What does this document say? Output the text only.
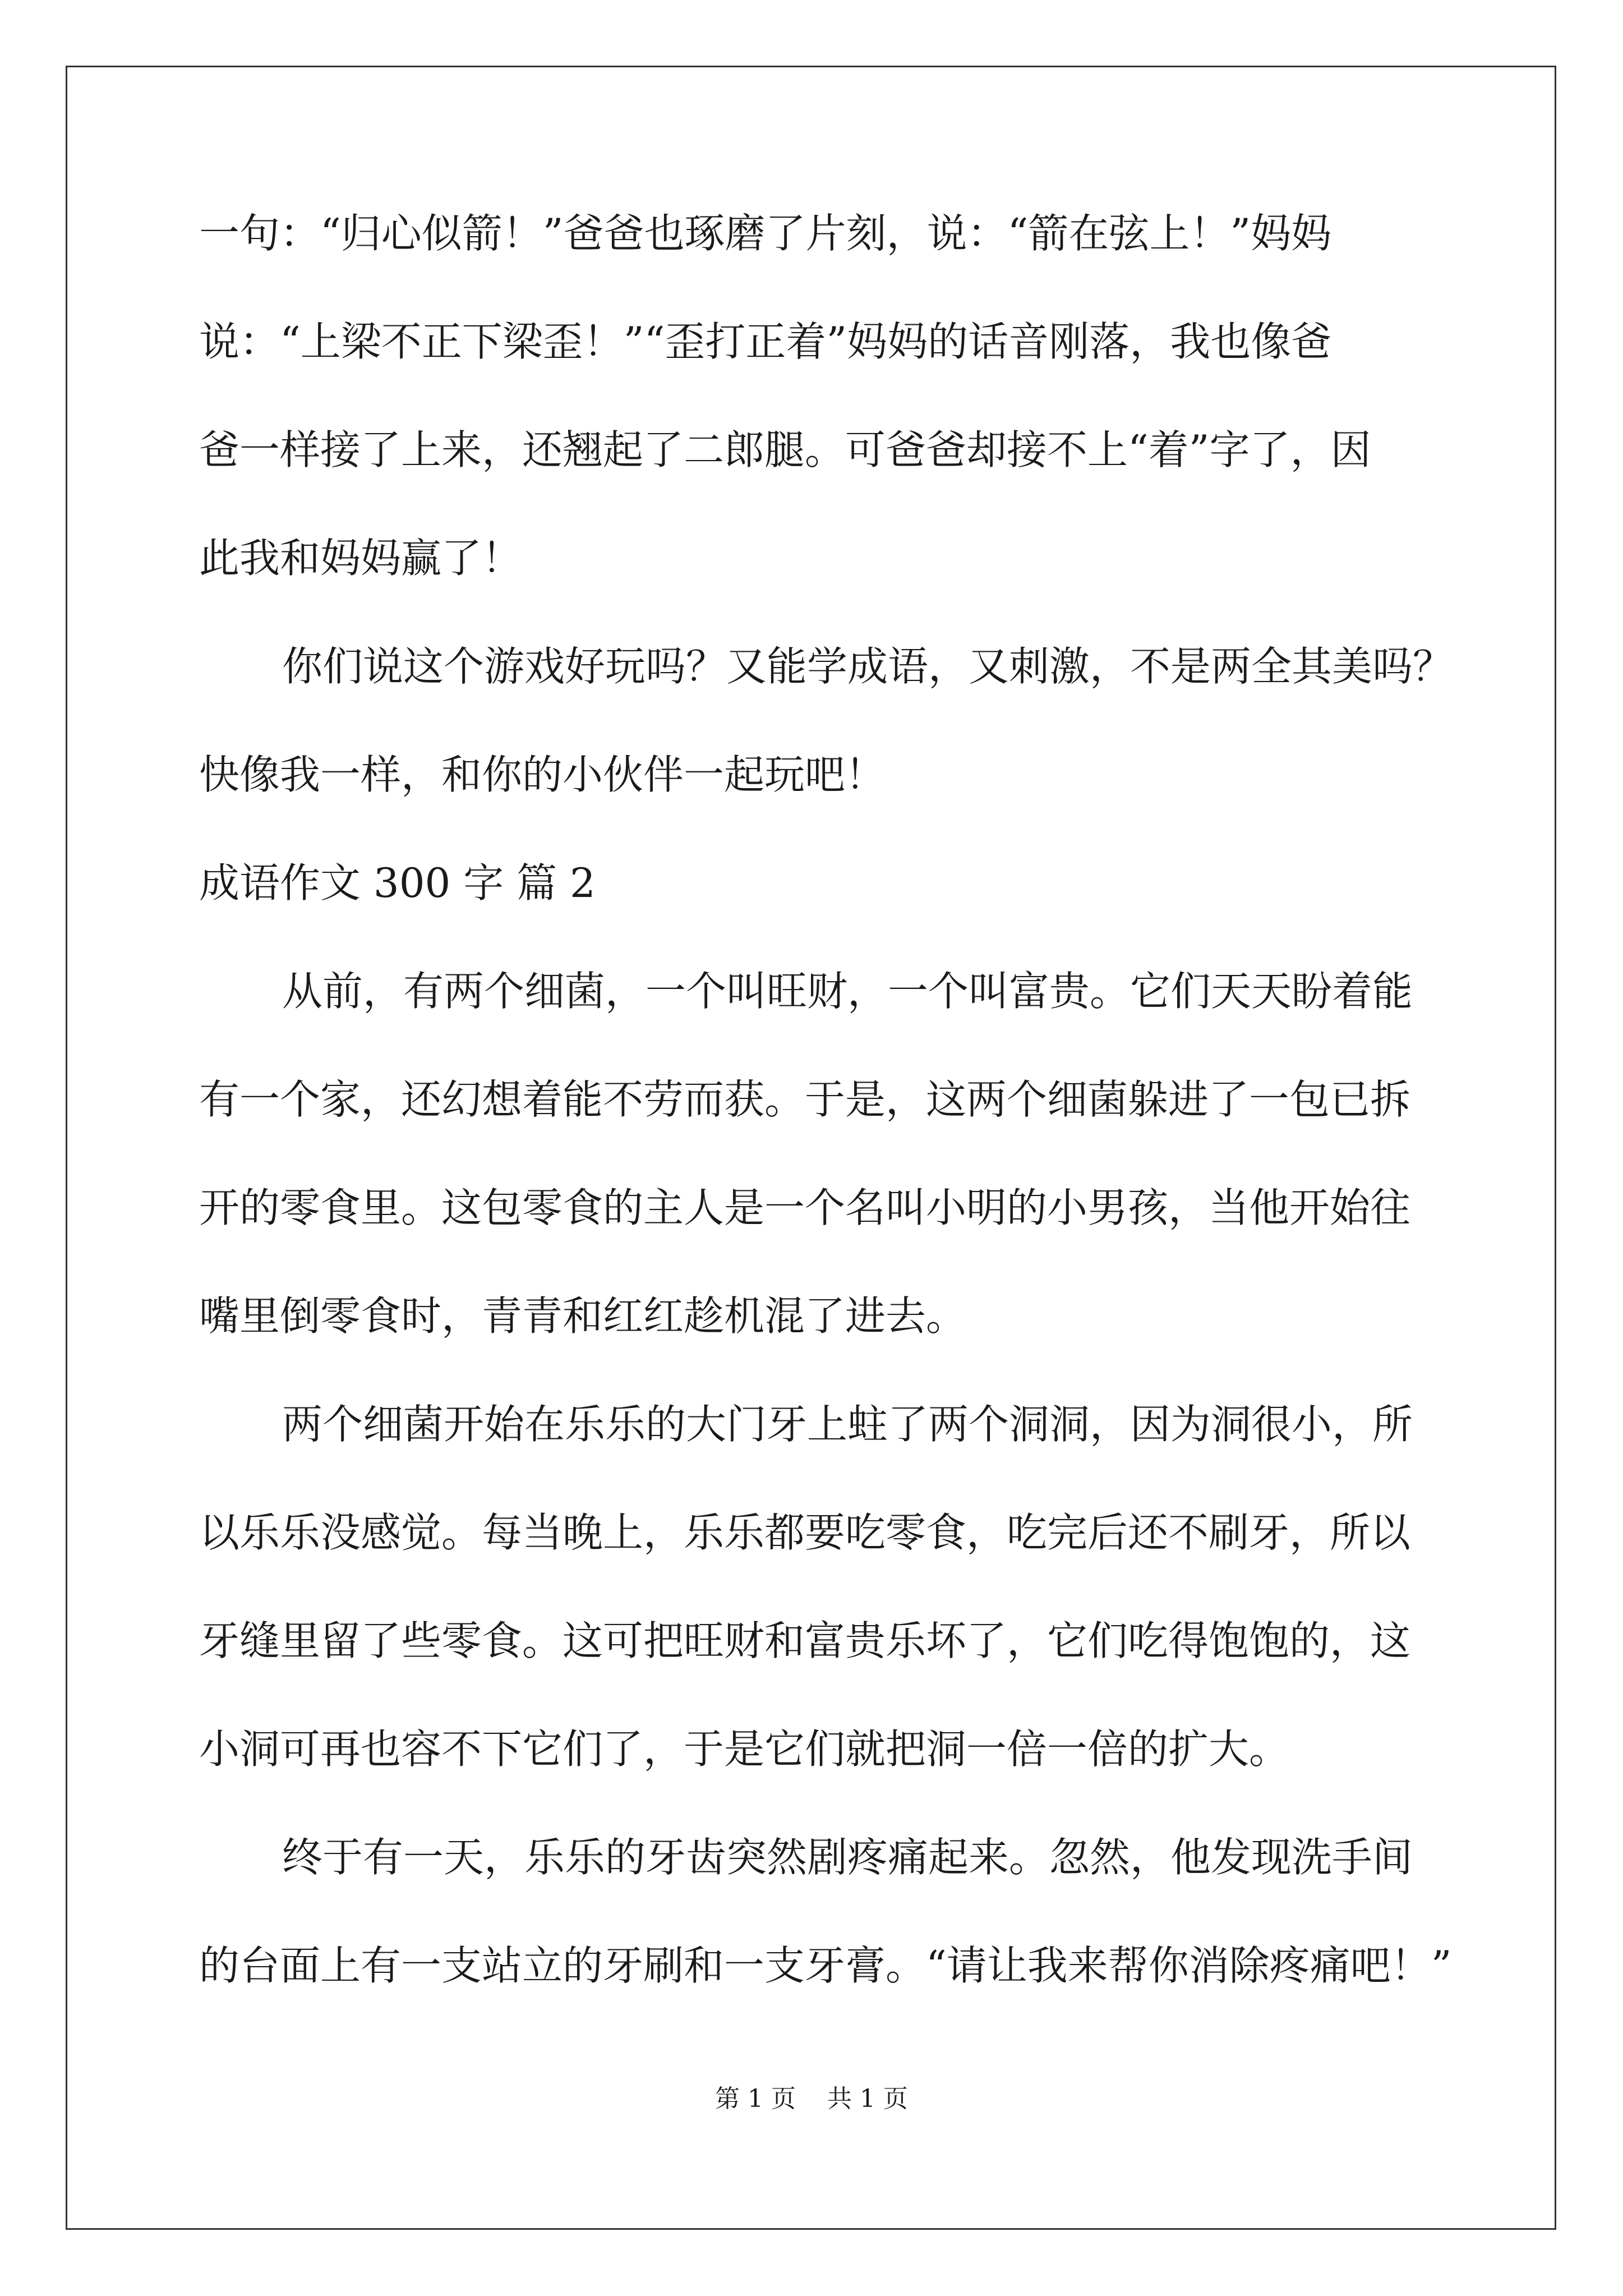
一句：“归心似箭！”爸爸也琢磨了片刻，说：“箭在弦上！”妈妈
说：“上梁不正下梁歪！”“歪打正着”妈妈的话音刚落，我也像爸
爸一样接了上来，还翘起了二郎腿。可爸爸却接不上“着”字了，因
此我和妈妈赢了！
你们说这个游戏好玩吗？又能学成语，又刺激，不是两全其美吗？
快像我一样，和你的小伙伴一起玩吧！
成语作文 300 字 篇 2
从前，有两个细菌，一个叫旺财，一个叫富贵。它们天天盼着能
有一个家，还幻想着能不劳而获。于是，这两个细菌躲进了一包已拆
开的零食里。这包零食的主人是一个名叫小明的小男孩，当他开始往
嘴里倒零食时，青青和红红趁机混了进去。
两个细菌开始在乐乐的大门牙上蛀了两个洞洞，因为洞很小，所
以乐乐没感觉。每当晚上，乐乐都要吃零食，吃完后还不刷牙，所以
牙缝里留了些零食。这可把旺财和富贵乐坏了，它们吃得饱饱的，这
小洞可再也容不下它们了，于是它们就把洞一倍一倍的扩大。
终于有一天，乐乐的牙齿突然剧疼痛起来。忽然，他发现洗手间
的台面上有一支站立的牙刷和一支牙膏。“请让我来帮你消除疼痛吧！”
第 1 页    共 1 页
